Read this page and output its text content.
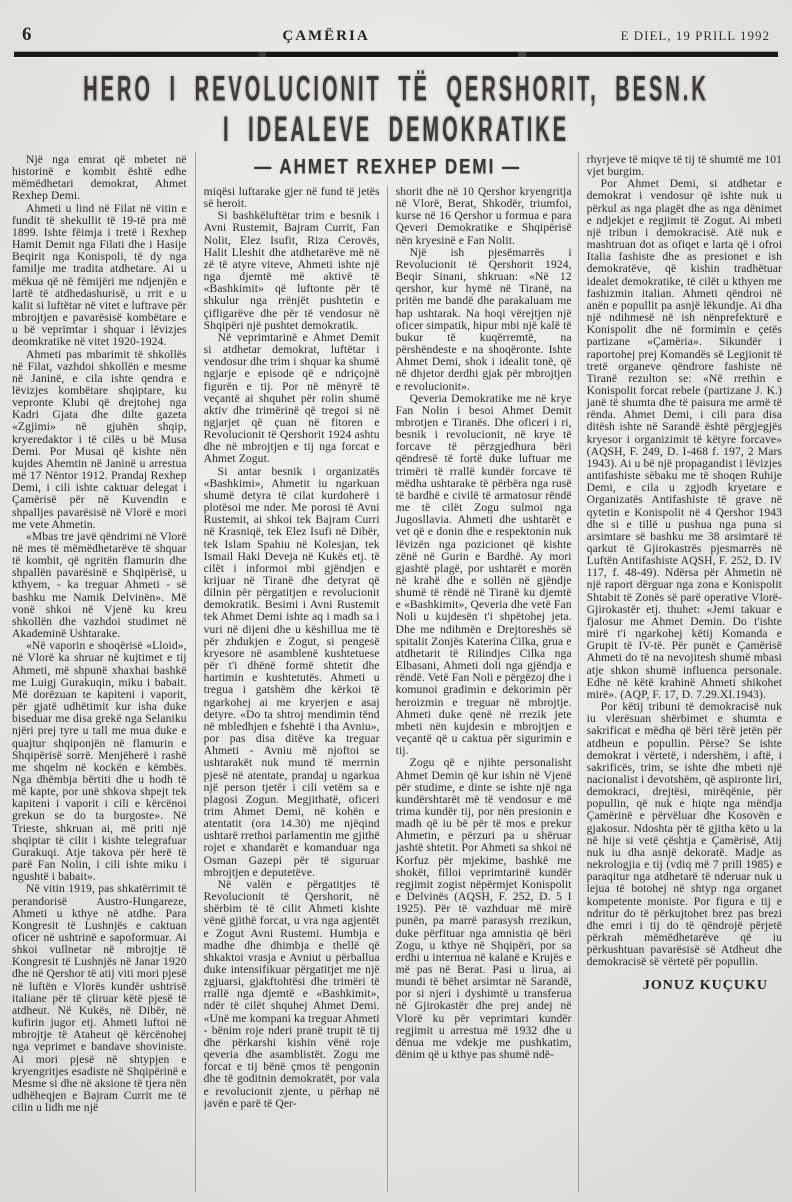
6	ÇAMËRIA	E DIEL, 19 PRILL 1992
HERO I REVOLUCIONIT TË QERSHORIT, BESN.K
I IDEALEVE DEMOKRATIKE

Një nga emrat që mbetet në historinë e kombit është edhe mëmëdhetari demokrat, Ahmet Rexhep Demi.

Ahmeti u lind në Filat në vitin e fundit të shekullit të 19-të pra më 1899. Ishte fëimja i tretë i Rexhep Hamit Demit nga Filati dhe i Hasije Beqirit nga Konispoli, të dy nga familje me tradita atdhetare. Ai u mëkua që në fëmijëri me ndjenjën e lartë të atdhedashurisë, u rrit e u kalit si luftëtar në vitet e luftrave për mbrojtjen e pavarësisë kombëtare e u bë veprimtar i shquar i lëvizjes deomkratike në vitet 1920-1924.

Ahmeti pas mbarimit të shkollës në Filat, vazhdoi shkollën e mesme në Janinë, e cila ishte qendra e lëvizjes kombëtare shqiptare, ku vepronte Klubi që drejtohej nga Kadri Gjata dhe dilte gazeta «Zgjimi» në gjuhën shqip, kryeredaktor i të cilës u bë Musa Demi. Por Musai që kishte nën kujdes Ahemtin në Janinë u arrestua më 17 Nëntor 1912. Prandaj Rexhep Demi, i cili ishte caktuar delegat i Çamërisë për në Kuvendin e shpalljes pavarësisë në Vlorë e mori me vete Ahmetin.

«Mbas tre javë qëndrimi në Vlorë në mes të mëmëdhetarëve të shquar të kombit, që ngritën flamurin dhe shpallën pavarësinë e Shqipërisë, u kthyem, - ka treguar Ahmeti - së bashku me Namik Delvinën». Më vonë shkoi në Vjenë ku kreu shkollën dhe vazhdoi studimet në Akademinë Ushtarake.

«Në vaporin e shoqërisë «Lloid», në Vlorë ka shruar në kujtimet e tij Ahmeti, më shpunë xhaxhai bashkë me Luigj Gurakuqin, miku i babait. Më dorëzuan te kapiteni i vaporit, për gjatë udhëtimit kur isha duke biseduar me disa grekë nga Selaniku njëri prej tyre u tall me mua duke e quajtur shqiponjën në flamurin e Shqipërisë sorrë. Menjëherë i rashë me shqelm në kockën e këmbës. Nga dhëmbja bërtiti dhe u hodh të më kapte, por unë shkova shpejt tek kapiteni i vaporit i cili e kërcënoi grekun se do ta burgoste». Në Trieste, shkruan ai, më priti një shqiptar të cilit i kishte telegrafuar Gurakuqi. Atje takova për herë të parë Fan Nolin, i cili ishte miku i ngushtë i babait».

Në vitin 1919, pas shkatërrimit të perandorisë Austro-Hungareze, Ahmeti u kthye në atdhe. Para Kongresit të Lushnjës e caktuan oficer në ushtrinë e sapoformuar. Ai shkoi vullnetar në mbrojtje të Kongresit të Lushnjës në Janar 1920 dhe në Qershor të atij viti mori pjesë në luftën e Vlorës kundër ushtrisë italiane për të çliruar këtë pjesë të atdheut. Në Kukës, në Dibër, në kufirin jugor etj. Ahmeti luftoi në mbrojtje të Ataheut që kërcënohej nga veprimet e bandave shoviniste. Ai mori pjesë në shtypjen e kryengritjes esadiste në Shqipërinë e Mesme si dhe në aksione të tjera nën udhëheqjen e Bajram Currit me të cilin u lidh me një

— AHMET REXHEP DEMI —

miqësi luftarake gjer në fund të jetës së heroit.

Si bashkëluftëtar trim e besnik i Avni Rustemit, Bajram Currit, Fan Nolit, Elez Isufit, Riza Cerovës, Halit Lleshit dhe atdhetarëve më në zë të atyre viteve, Ahmeti ishte një nga djemtë më aktivë të «Bashkimit» që luftonte për të shkulur nga rrënjët pushtetin e çifligarëve dhe për të vendosur në Shqipëri një pushtet demokratik.

Në veprimtarinë e Ahmet Demit si atdhetar demokrat, luftëtar i vendosur dhe trim i shquar ka shumë ngjarje e episode që e ndriçojnë figurën e tij. Por në mënyrë të veçantë ai shquhet për rolin shumë aktiv dhe trimërinë që tregoi si në ngjarjet që çuan në fitoren e Revolucionit të Qershorit 1924 ashtu dhe në mbrojtjen e tij nga forcat e Ahmet Zogut.

Si antar besnik i organizatës «Bashkimi», Ahmetit iu ngarkuan shumë detyra të cilat kurdoherë i plotësoi me nder. Me porosi të Avni Rustemit, ai shkoi tek Bajram Curri në Krasniqë, tek Elez Isufi në Dibër, tek Islam Spahiu në Kolesjan, tek Ismail Haki Deveja në Kukës etj. të cilët i informoi mbi gjëndjen e krijuar në Tiranë dhe detyrat që dilnin për përgatitjen e revolucionit demokratik. Besimi i Avni Rustemit tek Ahmet Demi ishte aq i madh sa i vuri në dijeni dhe u këshillua me të për zhdukjen e Zogut, si pengesë kryesore në asamblenë kushtetuese për t'i dhënë formë shtetit dhe hartimin e kushtetutës. Ahmeti u tregua i gatshëm dhe kërkoi të ngarkohej ai me kryerjen e asaj detyre. «Do ta shtroj mendimin tënd në mbledhjen e fshehtë i tha Avniu», por pas disa ditëve ka treguar Ahmeti - Avniu më njoftoi se ushtarakët nuk mund të merrnin pjesë në atentate, prandaj u ngarkua një person tjetër i cili vetëm sa e plagosi Zogun. Megjithatë, oficeri trim Ahmet Demi, në kohën e atentatit (ora 14.30) me njëqind ushtarë rrethoi parlamentin me gjithë rojet e xhandarët e komanduar nga Osman Gazepi për të siguruar mbrojtjen e deputetëve.

Në valën e përgatitjes të Revolucionit të Qershorit, në shërbim të të cilit Ahmeti kishte vënë gjithë forcat, u vra nga agjentët e Zogut Avni Rustemi. Humbja e madhe dhe dhimbja e thellë që shkaktoi vrasja e Avniut u përballua duke intensifikuar përgatitjet me një zgjuarsi, gjakftohtësi dhe trimëri të rrallë nga djemtë e «Bashkimit», ndër të cilët shquhej Ahmet Demi. «Unë me kompani ka treguar Ahmeti - bënim roje nderi pranë trupit të tij dhe përkarshi kishin vënë roje qeveria dhe asamblistët. Zogu me forcat e tij bënë çmos të pengonin dhe të goditnin demokratët, por vala e revolucionit zjente, u përhap në javën e parë të Qer-

shorit dhe në 10 Qershor kryengritja në Vlorë, Berat, Shkodër, triumfoi, kurse në 16 Qershor u formua e para Qeveri Demokratike e Shqipërisë nën kryesinë e Fan Nolit.

Një ish pjesëmarrës i Revolucionit të Qershorit 1924, Beqir Sinani, shkruan: «Në 12 qershor, kur hymë në Tiranë, na pritën me bandë dhe parakaluam me hap ushtarak. Na hoqi vërejtjen një oficer simpatik, hipur mbi një kalë të bukur të kuqërremtë, na përshëndeste e na shoqëronte. Ishte Ahmet Demi, shok i idealit tonë, që në dhjetor derdhi gjak për mbrojtjen e revolucionit».

Qeveria Demokratike me në krye Fan Nolin i besoi Ahmet Demit mbrotjen e Tiranës. Dhe oficeri i ri, besnik i revolucionit, në krye të forcave të përzgjedhura bëri qëndresë të fortë duke luftuar me trimëri të rrallë kundër forcave të mëdha ushtarake të përbëra nga rusë të bardhë e civilë të armatosur rëndë me të cilët Zogu sulmoi nga Jugosllavia. Ahmeti dhe ushtarët e vet që e donin dhe e respektonin nuk lëvizën nga pozicionet që kishte zënë në Gurin e Bardhë. Ay mori gjashtë plagë, por ushtarët e morën në krahë dhe e sollën në gjëndje shumë të rëndë në Tiranë ku djemtë e «Bashkimit», Qeveria dhe vetë Fan Noli u kujdesën t'i shpëtohej jeta. Dhe me ndihmën e Drejtoreshës së spitalit Zonjës Katerina Cilka, grua e atdhetarit të Rilindjes Cilka nga Elbasani, Ahmeti doli nga gjëndja e rëndë. Vetë Fan Noli e përgëzoj dhe i komunoi gradimin e dekorimin për heroizmin e treguar në mbrojtje. Ahmeti duke qenë në rrezik jete mbeti nën kujdesin e mbrojtjen e veçantë që u caktua për sigurimin e tij.

Zogu që e njihte personalisht Ahmet Demin që kur ishin në Vjenë për studime, e dinte se ishte një nga kundërshtarët më të vendosur e më trima kundër tij, por nën presionin e madh që iu bë për të mos e prekur Ahmetin, e përzuri pa u shëruar jashtë shtetit. Por Ahmeti sa shkoi në Korfuz për mjekime, bashkë me shokët, filloi veprimtarinë kundër regjimit zogist nëpërmjet Konispolit e Delvinës (AQSH, F. 252, D. 5 I 1925). Për të vazhduar më mirë punën, pa marrë parasysh rrezikun, duke përfituar nga amnistia që bëri Zogu, u kthye në Shqipëri, por sa erdhi u internua në kalanë e Krujës e më pas në Berat. Pasi u lirua, ai mundi të bëhet arsimtar në Sarandë, por si njeri i dyshimtë u transferua në Gjirokastër dhe prej andej në Vlorë ku për veprimtari kundër regjimit u arrestua më 1932 dhe u dënua me vdekje me pushkatim, dënim që u kthye pas shumë ndë-

rhyrjeve të miqve të tij të shumtë me 101 vjet burgim.

Por Ahmet Demi, si atdhetar e demokrat i vendosur që ishte nuk u përkul as nga plagët dhe as nga dënimet e ndjekjet e regjimit të Zogut. Ai mbeti një tribun i demokracisë. Atë nuk e mashtruan dot as ofiqet e larta që i ofroi Italia fashiste dhe as presionet e ish demokratëve, që kishin tradhëtuar idealet demokratike, të cilët u kthyen me fashizmin italian. Ahmeti qëndroi në anën e popullit pa asnjë lëkundje. Ai dha një ndihmesë në ish nënprefekturë e Konispolit dhe në formimin e çetës partizane «Çamëria». Sikundër i raportohej prej Komandës së Legjionit të tretë organeve qëndrore fashiste në Tiranë rezulton se: «Në rrethin e Konispolit forcat rebele (partizane J. K.) janë të shumta dhe të paisura me armë të rënda. Ahmet Demi, i cili para disa ditësh ishte në Sarandë është përgjegjës kryesor i organizimit të këtyre forcave» (AQSH, F. 249, D. I-468 f. 197, 2 Mars 1943). Ai u bë një propagandist i lëvizjes antifashiste sëbaku me të shoqen Ruhije Demi, e cila u zgjodh kryetare e Organizatës Antifashiste të grave në qytetin e Konispolit në 4 Qershor 1943 dhe si e tillë u pushua nga puna si arsimtare së bashku me 38 arsimtarë të qarkut të Gjirokastrës pjesmarrës në Luftën Antifashiste AQSH, F. 252, D. IV 117, f. 48-49). Ndërsa për Ahmetin në një raport dërguar nga zona e Konispolit Shtabit të Zonës së parë operative Vlorë-Gjirokastër etj. thuhet: «Jemi takuar e fjalosur me Ahmet Demin. Do t'ishte mirë t'i ngarkohej këtij Komanda e Grupit të IV-të. Për punët e Çamërisë Ahmeti do të na nevojitesh shumë mbasi atje shkon shumë influenca personale. Edhe në këtë krahinë Ahmeti shikohet mirë». (AQP, F. 17, D. 7.29.XI.1943).

Por këtij tribuni të demokracisë nuk iu vlerësuan shërbimet e shumta e sakrificat e mëdha që bëri tërë jetën për atdheun e popullin. Përse? Se ishte demokrat i vërtetë, i ndershëm, i aftë, i sakrificës, trim, se ishte dhe mbeti një nacionalist i devotshëm, që aspironte liri, demokraci, drejtësi, mirëqënie, për popullin, që nuk e hiqte nga mëndja Çamërinë e përvëluar dhe Kosovën e gjakosur. Ndoshta për të gjitha këto u la në hije si vetë çështja e Çamërisë, Atij nuk iu dha asnjë dekoratë. Madje as nekrologjia e tij (vdiq më 7 prill 1985) e paraqitur nga atdhetarë të nderuar nuk u lejua të botohej në shtyp nga organet kompetente moniste. Por figura e tij e ndritur do të përkujtohet brez pas brezi dhe emri i tij do të qëndrojë përjetë përkrah mëmëdhetarëve që iu përkushtuan pavarësisë së Atdheut dhe demokracisë së vërtetë për popullin.

JONUZ KUÇUKU
